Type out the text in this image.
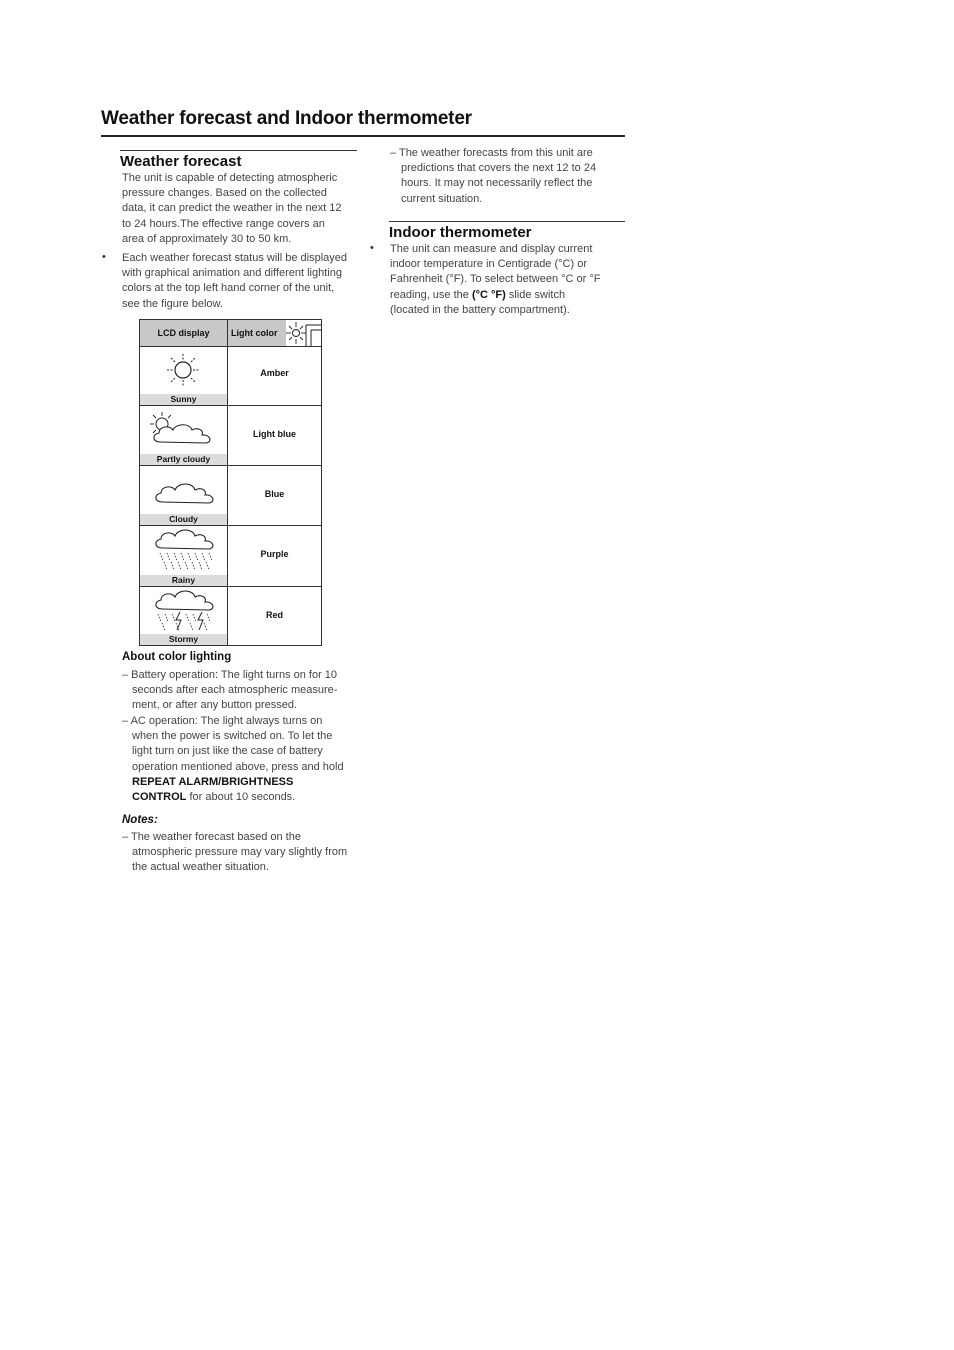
Weather forecast and Indoor thermometer
Weather forecast
The unit is capable of detecting atmospheric
pressure changes. Based on the collected
data, it can predict the weather in the next 12
to 24 hours.The effective range covers an
area of approximately 30 to 50 km.
• Each weather forecast status will be displayed
with graphical animation and different lighting
colors at the top left hand corner of the unit,
see the figure below.
LCD display	Light color
Sunny
Amber
Partly cloudy
Light blue
Cloudy
Blue
Rainy
Purple
Stormy
Red
About color lighting
– Battery operation: The light turns on for 10
seconds after each atmospheric measure-
ment, or after any button pressed.
– AC operation: The light always turns on
when the power is switched on. To let the
light turn on just like the case of battery
operation mentioned above, press and hold
REPEAT ALARM/BRIGHTNESS
CONTROL for about 10 seconds.
Notes:
– The weather forecast based on the
atmospheric pressure may vary slightly from
the actual weather situation.
– The weather forecasts from this unit are
predictions that covers the next 12 to 24
hours. It may not necessarily reflect the
current situation.
Indoor thermometer
• The unit can measure and display current
indoor temperature in Centigrade (°C) or
Fahrenheit (°F). To select between °C or °F
reading, use the (°C °F) slide switch
(located in the battery compartment).
